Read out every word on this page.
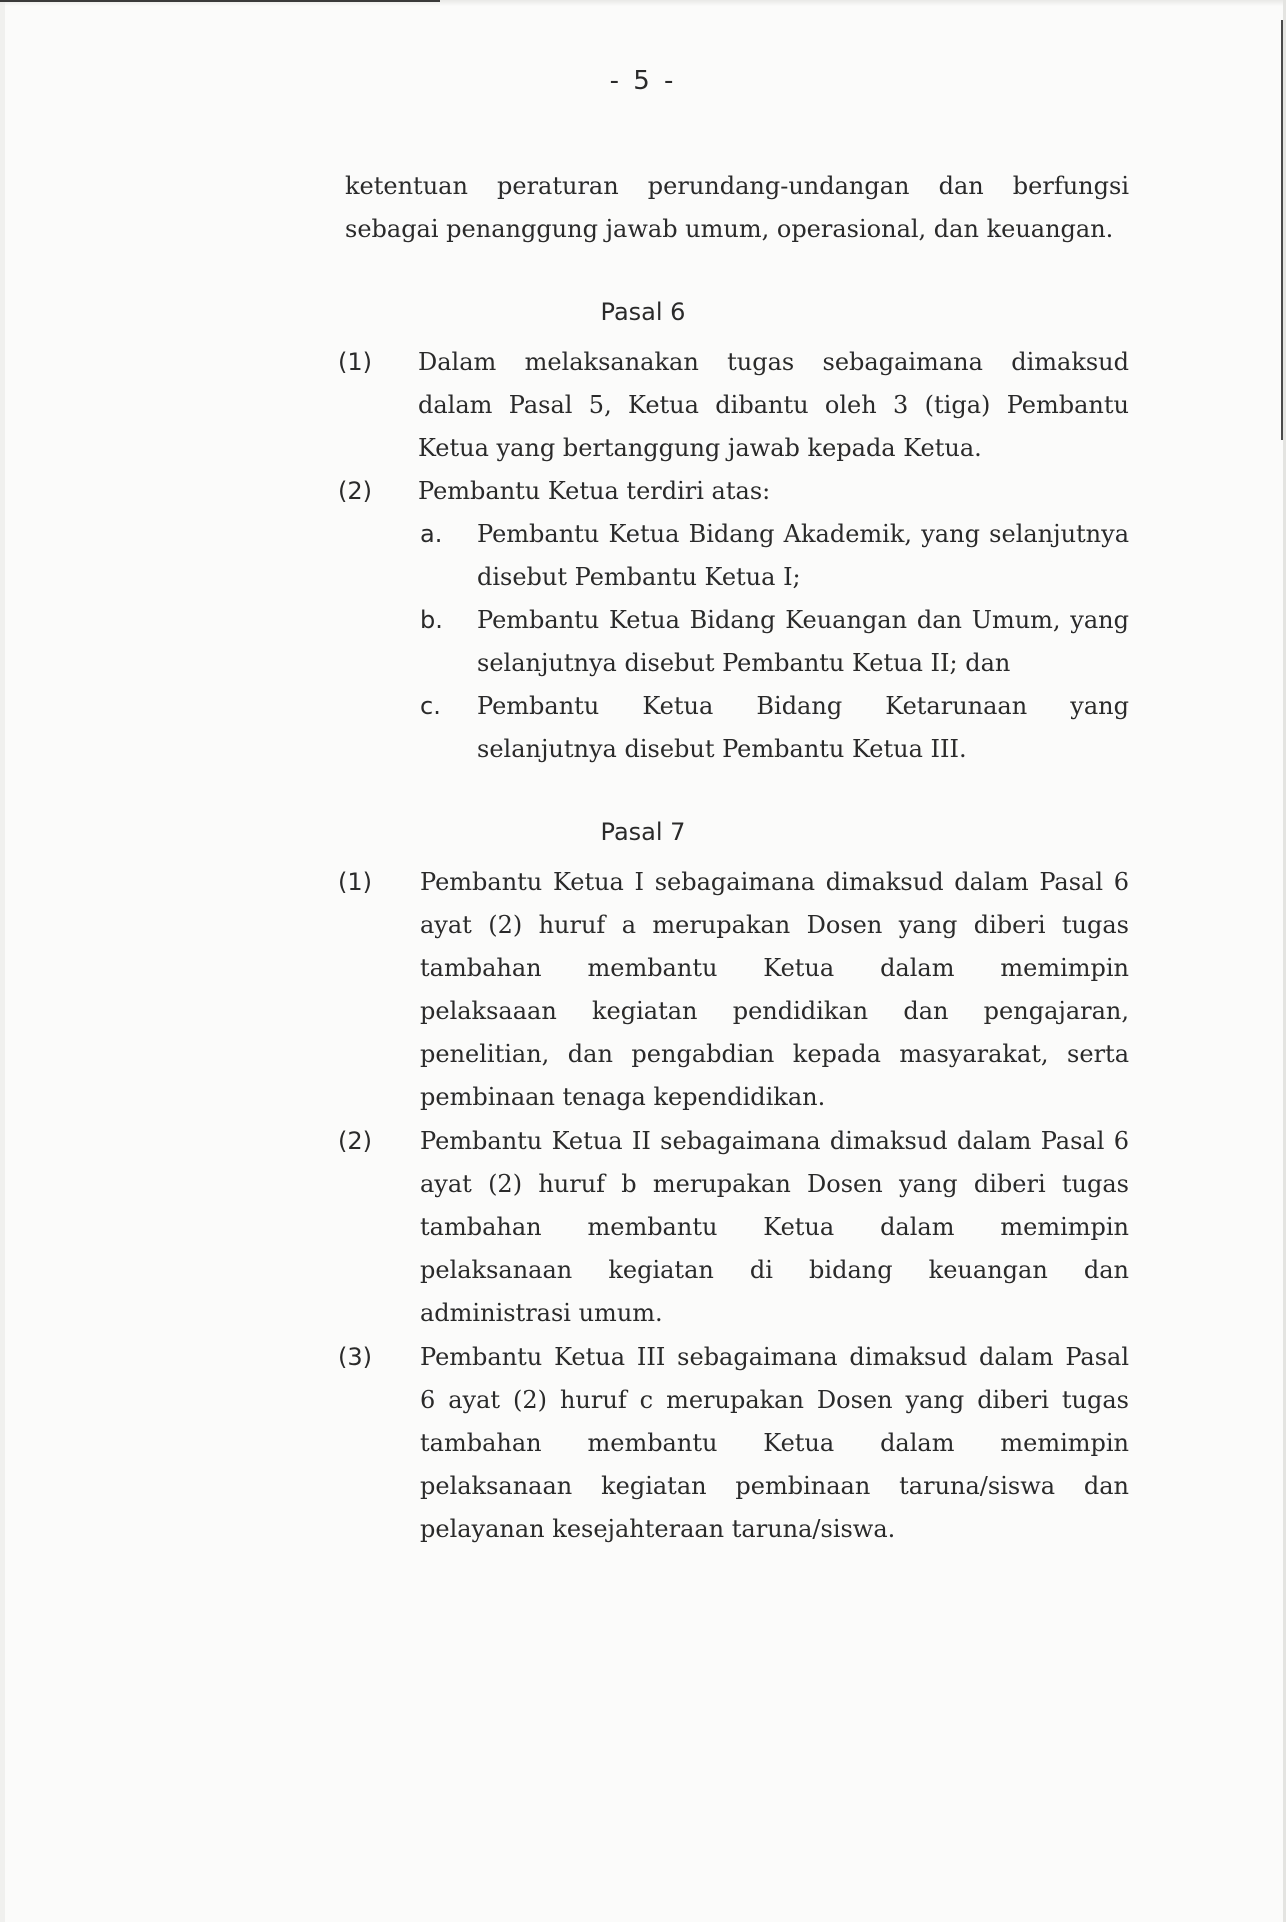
- 5 -
ketentuan peraturan perundang-undangan dan berfungsi
sebagai penanggung jawab umum, operasional, dan keuangan.
Pasal 6
(1) Dalam melaksanakan tugas sebagaimana dimaksud
dalam Pasal 5, Ketua dibantu oleh 3 (tiga) Pembantu
Ketua yang bertanggung jawab kepada Ketua.
(2) Pembantu Ketua terdiri atas:
a. Pembantu Ketua Bidang Akademik, yang selanjutnya
disebut Pembantu Ketua I;
b. Pembantu Ketua Bidang Keuangan dan Umum, yang
selanjutnya disebut Pembantu Ketua II; dan
c. Pembantu Ketua Bidang Ketarunaan yang
selanjutnya disebut Pembantu Ketua III.
Pasal 7
(1) Pembantu Ketua I sebagaimana dimaksud dalam Pasal 6
ayat (2) huruf a merupakan Dosen yang diberi tugas
tambahan membantu Ketua dalam memimpin
pelaksaaan kegiatan pendidikan dan pengajaran,
penelitian, dan pengabdian kepada masyarakat, serta
pembinaan tenaga kependidikan.
(2) Pembantu Ketua II sebagaimana dimaksud dalam Pasal 6
ayat (2) huruf b merupakan Dosen yang diberi tugas
tambahan membantu Ketua dalam memimpin
pelaksanaan kegiatan di bidang keuangan dan
administrasi umum.
(3) Pembantu Ketua III sebagaimana dimaksud dalam Pasal
6 ayat (2) huruf c merupakan Dosen yang diberi tugas
tambahan membantu Ketua dalam memimpin
pelaksanaan kegiatan pembinaan taruna/siswa dan
pelayanan kesejahteraan taruna/siswa.
